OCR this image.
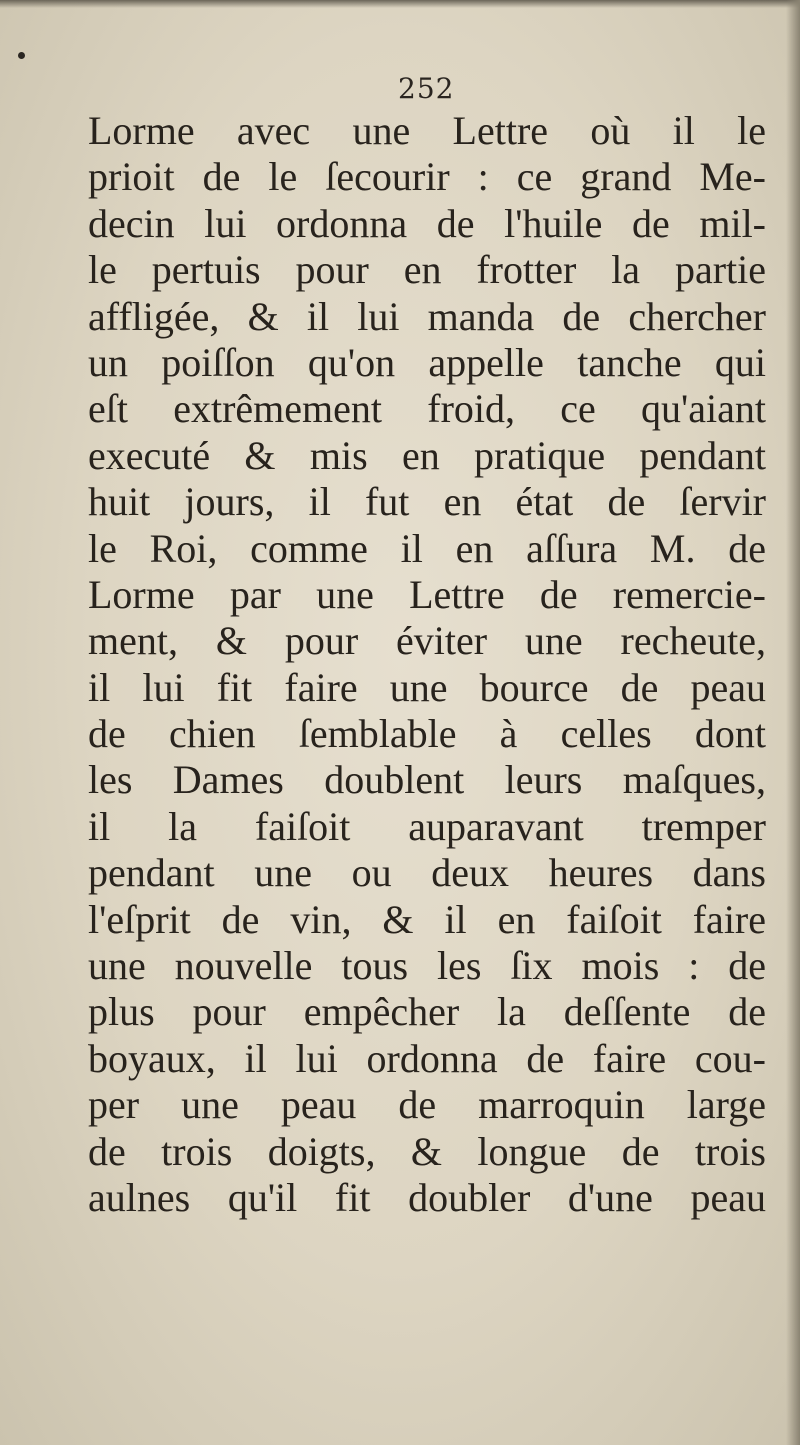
252
Lorme avec une Lettre où il le
prioit de le ſecourir : ce grand Me-
decin lui ordonna de l'huile de mil-
le pertuis pour en frotter la partie
affligée, & il lui manda de chercher
un poiſſon qu'on appelle tanche qui
eſt extrêmement froid, ce qu'aiant
executé & mis en pratique pendant
huit jours, il fut en état de ſervir
le Roi, comme il en aſſura M. de
Lorme par une Lettre de remercie-
ment, & pour éviter une recheute,
il lui fit faire une bource de peau
de chien ſemblable à celles dont
les Dames doublent leurs maſques,
il la faiſoit auparavant tremper
pendant une ou deux heures dans
l'eſprit de vin, & il en faiſoit faire
une nouvelle tous les ſix mois : de
plus pour empêcher la deſſente de
boyaux, il lui ordonna de faire cou-
per une peau de marroquin large
de trois doigts, & longue de trois
aulnes qu'il fit doubler d'une peau
